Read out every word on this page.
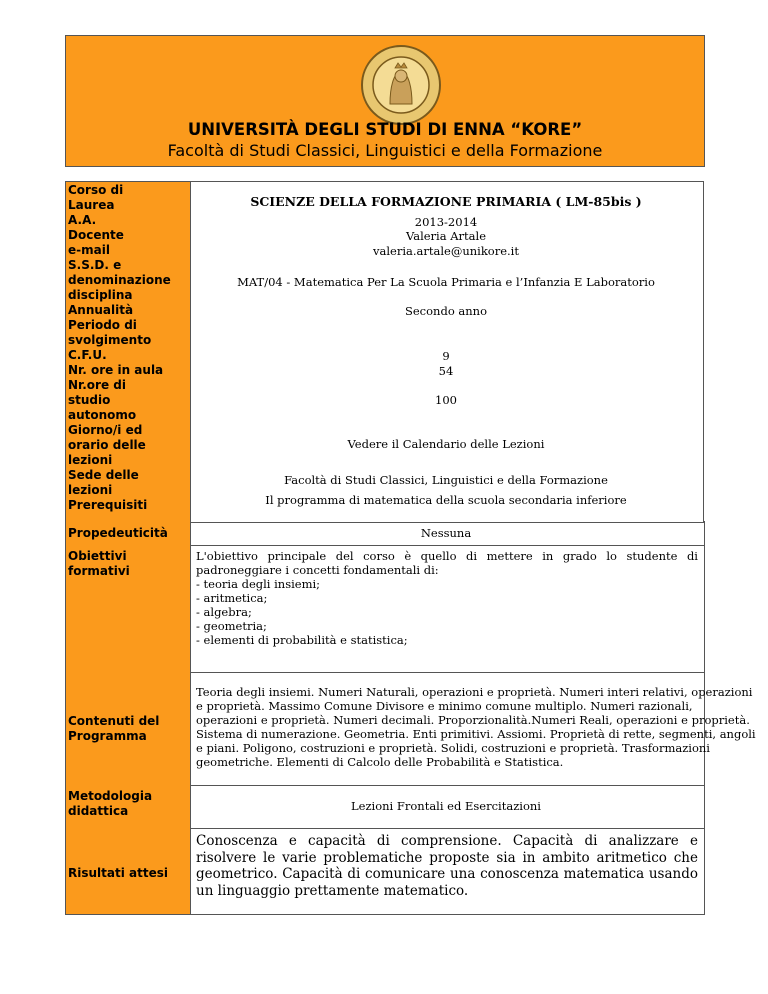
UNIVERSITÀ DEGLI STUDI DI ENNA “KORE”
Facoltà di Studi Classici, Linguistici e della Formazione
Corso di
Laurea
A.A.
Docente
e-mail
S.S.D. e
denominazione
disciplina
Annualità
Periodo di
svolgimento
C.F.U.
Nr. ore in aula
Nr.ore di
studio
autonomo
Giorno/i ed
orario delle
lezioni
Sede delle
lezioni
Prerequisiti
SCIENZE DELLA FORMAZIONE PRIMARIA ( LM-85bis )
2013-2014
Valeria Artale
valeria.artale@unikore.it
MAT/04 - Matematica Per La Scuola Primaria e l’Infanzia E Laboratorio
Secondo anno
9
54
100
Vedere il Calendario delle Lezioni
Facoltà di Studi Classici, Linguistici e della Formazione
Il programma di matematica della scuola secondaria inferiore
Propedeuticità	Nessuna
Obiettivi
formativi
L'obiettivo principale del corso è quello di mettere in grado lo studente di padroneggiare i concetti fondamentali di:
- teoria degli insiemi;
- aritmetica;
- algebra;
- geometria;
- elementi di probabilità e statistica;
Contenuti del
Programma
Teoria degli insiemi. Numeri Naturali, operazioni e proprietà. Numeri interi relativi, operazioni
e proprietà. Massimo Comune Divisore e minimo comune multiplo. Numeri razionali,
operazioni e proprietà. Numeri decimali. Proporzionalità.Numeri Reali, operazioni e proprietà.
Sistema di numerazione. Geometria. Enti primitivi. Assiomi. Proprietà di rette, segmenti, angoli
e piani. Poligono, costruzioni e proprietà. Solidi, costruzioni e proprietà. Trasformazioni
geometriche. Elementi di Calcolo delle Probabilità e Statistica.
Metodologia
didattica	Lezioni Frontali ed Esercitazioni
Risultati attesi
Conoscenza e capacità di comprensione. Capacità di analizzare e risolvere le varie problematiche proposte sia in ambito aritmetico che geometrico. Capacità di comunicare una conoscenza matematica usando un linguaggio prettamente matematico.
